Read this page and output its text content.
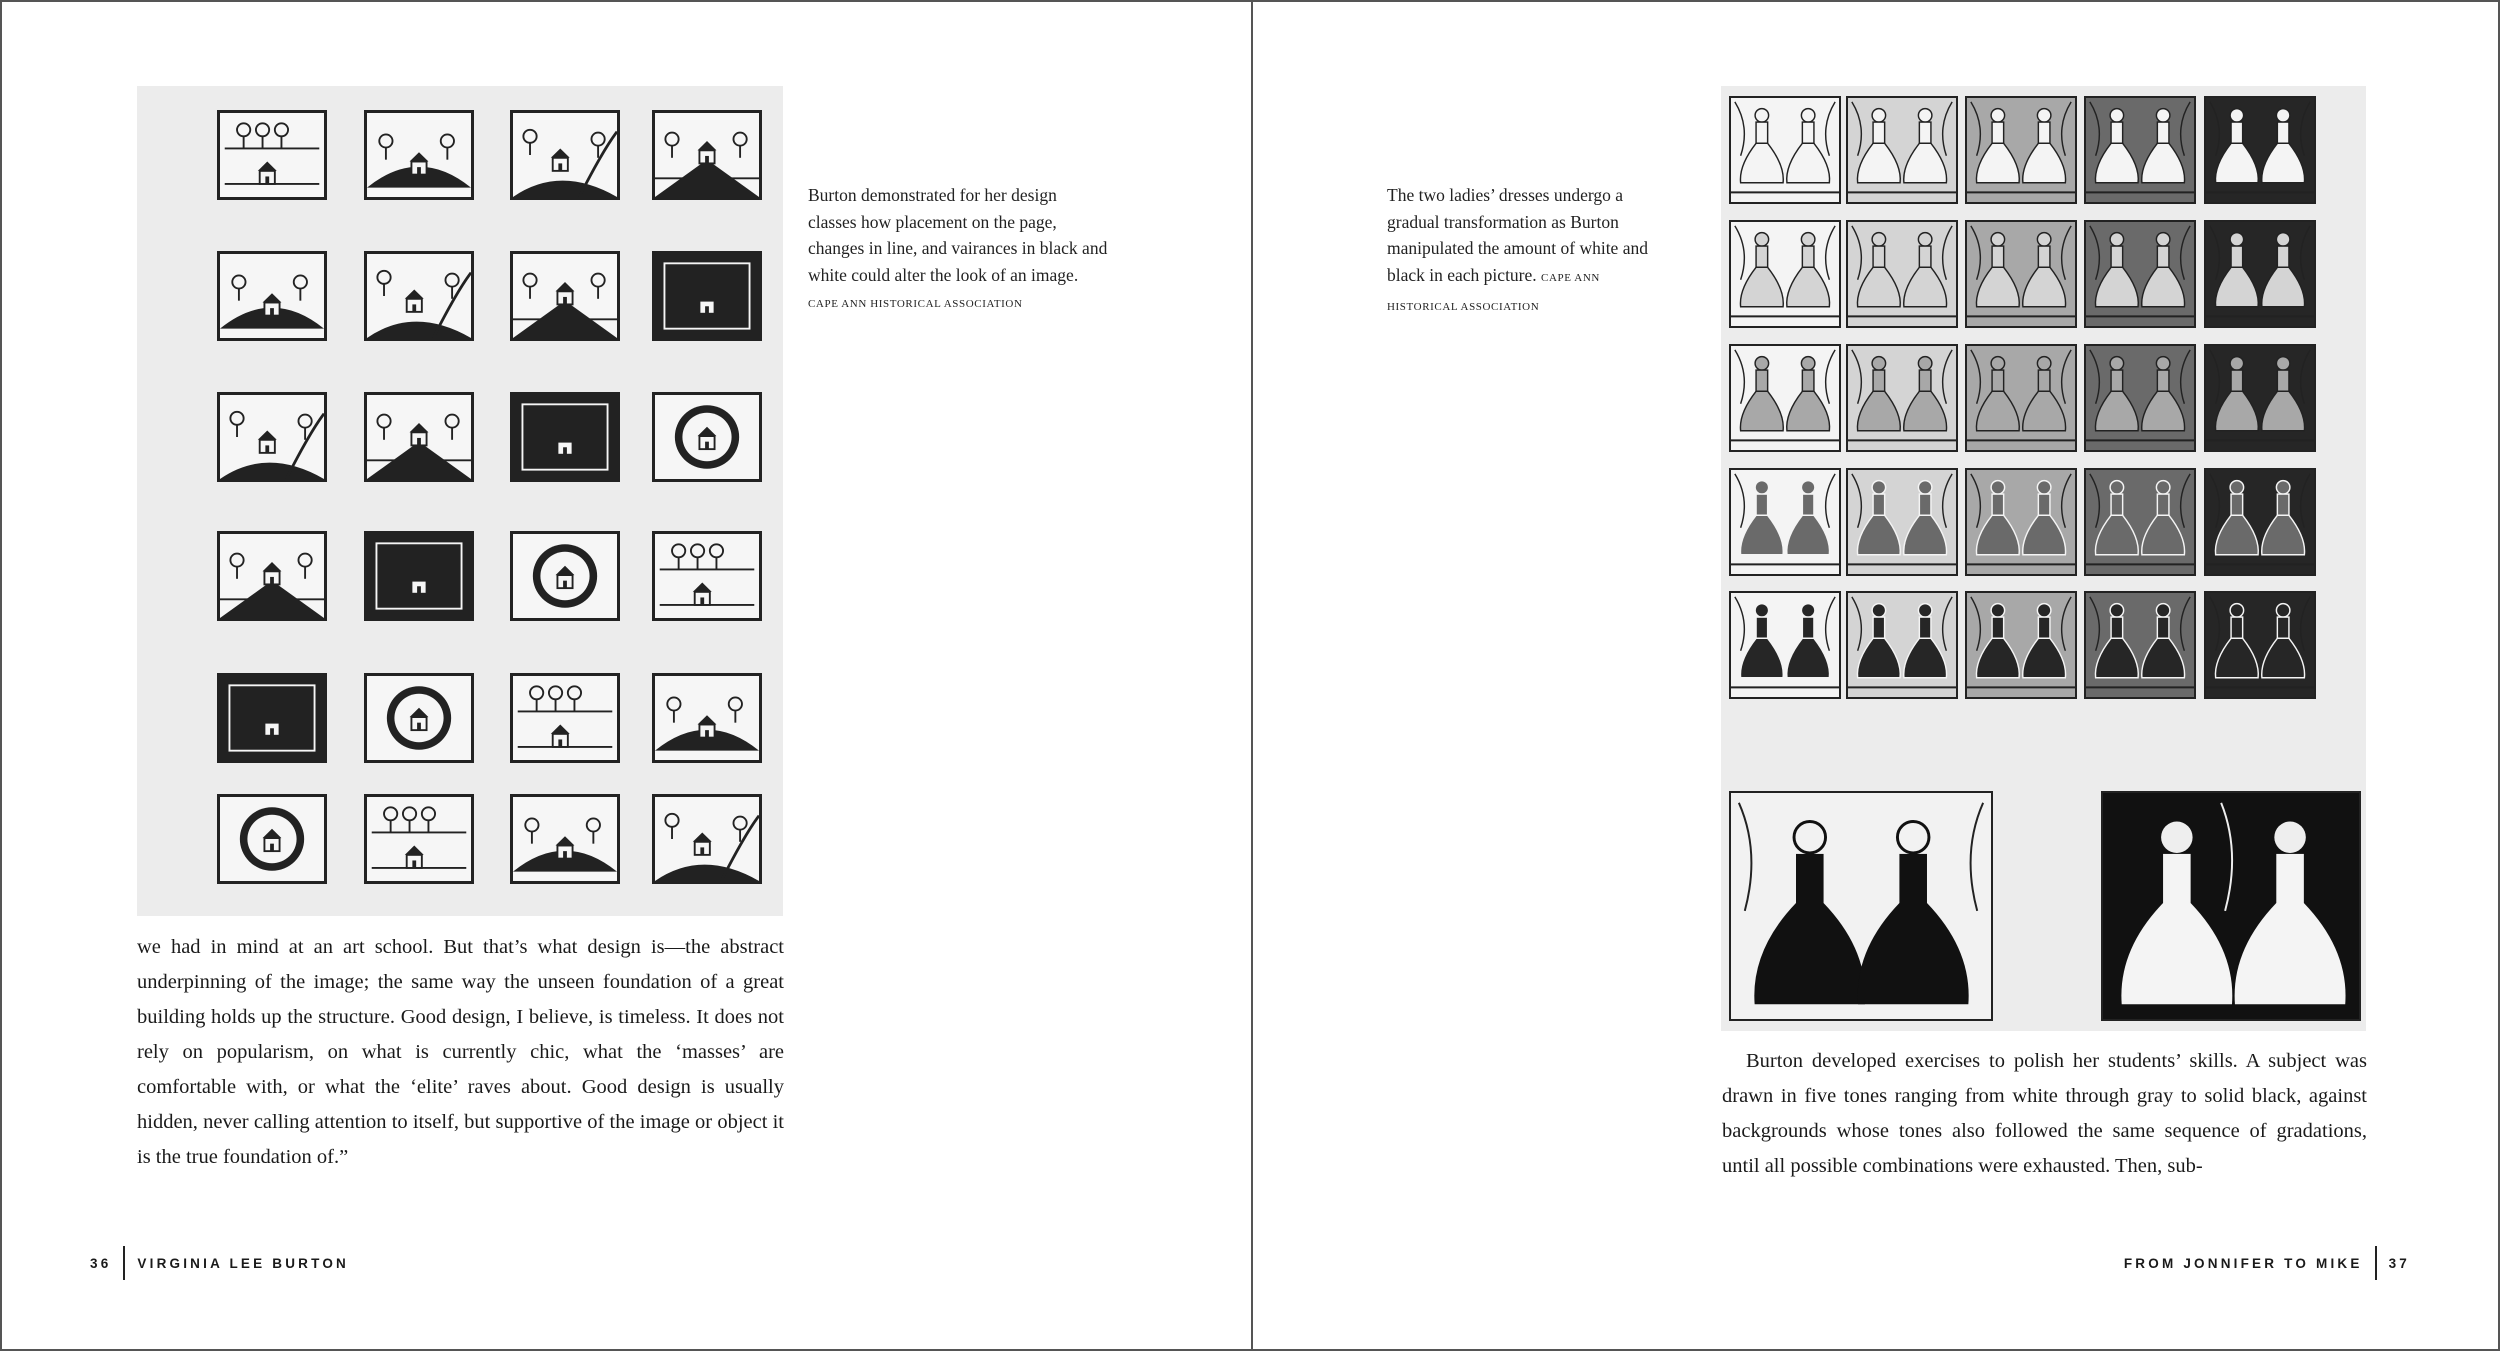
Burton demonstrated for her design classes how placement on the page, changes in line, and vairances in black and white could alter the look of an image. CAPE ANN HISTORICAL ASSOCIATION
we had in mind at an art school. But that’s what design is—the abstract underpinning of the image; the same way the unseen foundation of a great building holds up the structure. Good design, I believe, is timeless. It does not rely on popularism, on what is currently chic, what the ‘masses’ are comfortable with, or what the ‘elite’ raves about. Good design is usually hidden, never calling attention to itself, but supportive of the image or object it is the true foundation of.”
36 VIRGINIA LEE BURTON
The two ladies’ dresses undergo a gradual transformation as Burton manipulated the amount of white and black in each picture. CAPE ANN HISTORICAL ASSOCIATION

Burton developed exercises to polish her students’ skills. A subject was drawn in five tones ranging from white through gray to solid black, against backgrounds whose tones also followed the same sequence of gradations, until all possible combinations were exhausted. Then, sub-

FROM JONNIFER TO MIKE 37
